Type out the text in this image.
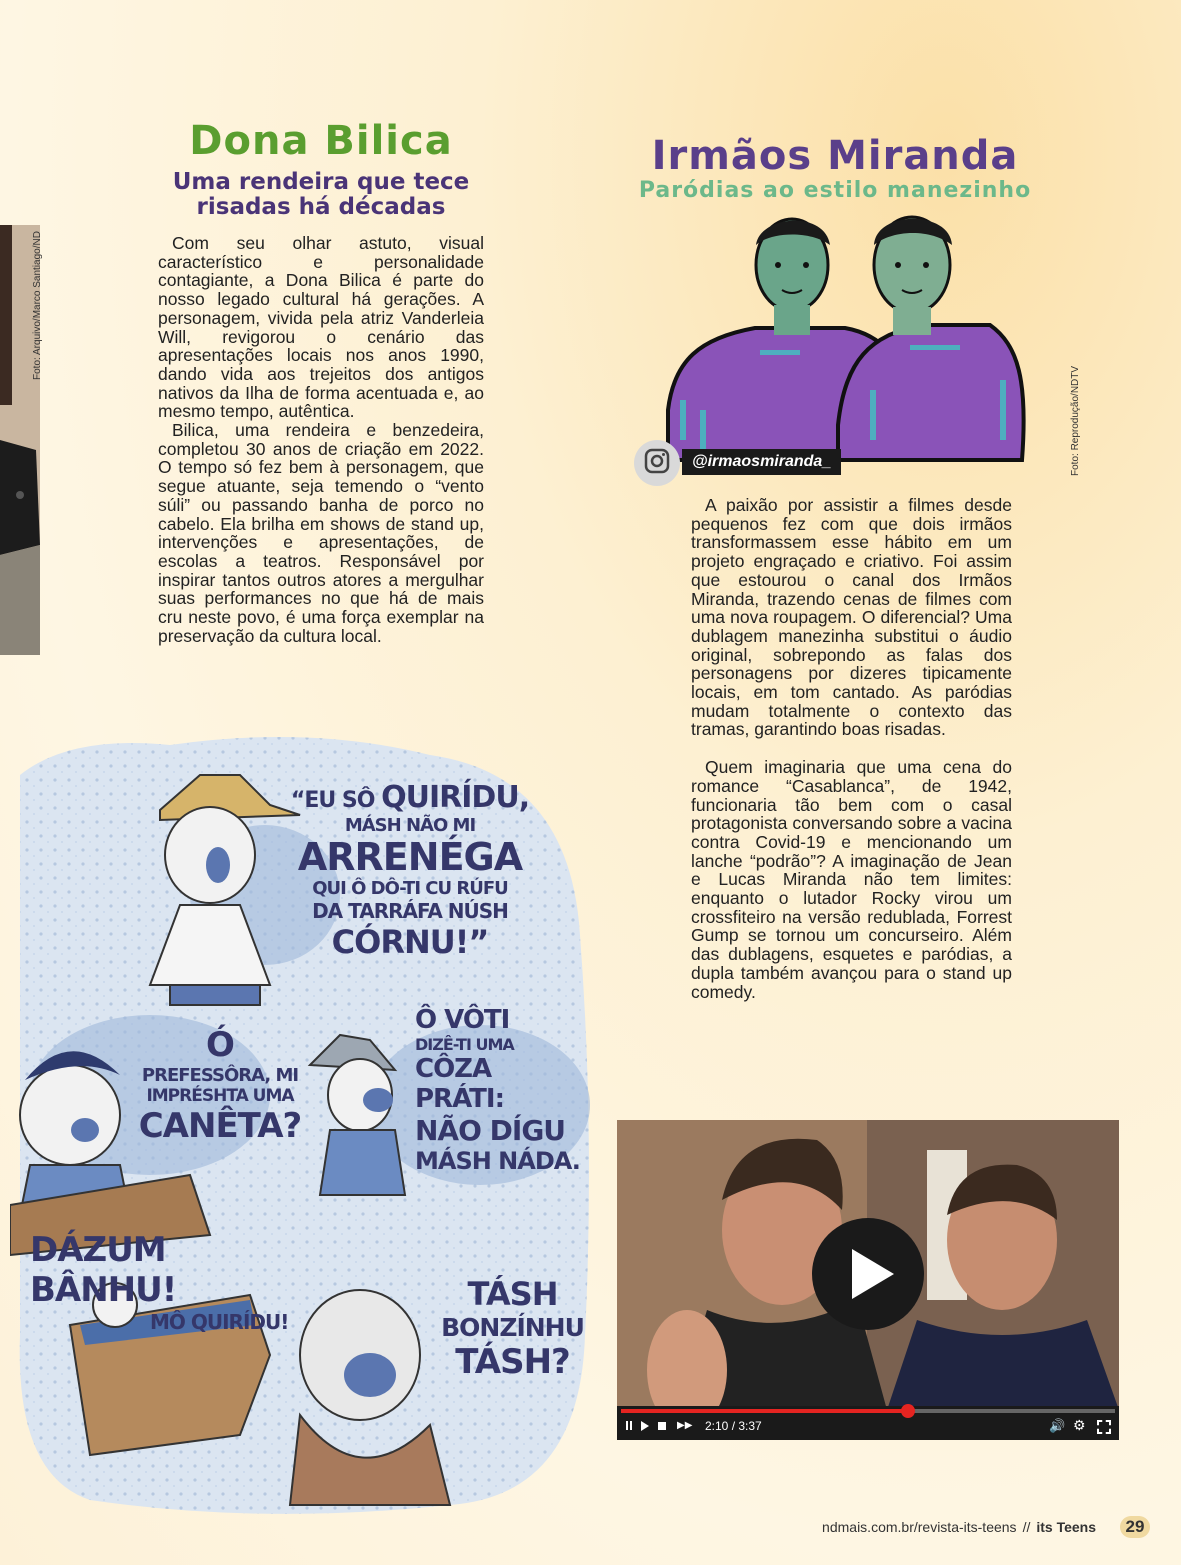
Foto: Arquivo/Marco Santiago/ND
Dona Bilica
Uma rendeira que tece
risadas há décadas

Com seu olhar astuto, visual característico e personalidade contagiante, a Dona Bilica é parte do nosso legado cultural há gerações. A personagem, vivida pela atriz Vanderleia Will, revigorou o cenário das apresentações locais nos anos 1990, dando vida aos trejeitos dos antigos nativos da Ilha de forma acentuada e, ao mesmo tempo, autêntica.

Bilica, uma rendeira e benzedeira, completou 30 anos de criação em 2022. O tempo só fez bem à personagem, que segue atuante, seja temendo o “vento súli” ou passando banha de porco no cabelo. Ela brilha em shows de stand up, intervenções e apresentações, de escolas a teatros. Responsável por inspirar tantos outros atores a mergulhar suas performances no que há de mais cru neste povo, é uma força exemplar na preservação da cultura local.

Irmãos Miranda
Paródias ao estilo manezinho
@irmaosmiranda_	Foto: Reprodução/NDTV

A paixão por assistir a filmes desde pequenos fez com que dois irmãos transformassem esse hábito em um projeto engraçado e criativo. Foi assim que estourou o canal dos Irmãos Miranda, trazendo cenas de filmes com uma nova roupagem. O diferencial? Uma dublagem manezinha substitui o áudio original, sobrepondo as falas dos personagens por dizeres tipicamente locais, em tom cantado. As paródias mudam totalmente o contexto das tramas, garantindo boas risadas.

Quem imaginaria que uma cena do romance “Casablanca”, de 1942, funcionaria tão bem com o casal protagonista conversando sobre a vacina contra Covid-19 e mencionando um lanche “podrão”? A imaginação de Jean e Lucas Miranda não tem limites: enquanto o lutador Rocky virou um crossfiteiro na versão redublada, Forrest Gump se tornou um concurseiro. Além das dublagens, esquetes e paródias, a dupla também avançou para o stand up comedy.

“EU SÔ QUIRÍDU,
MÁSH NÃO MI
ARRENÉGA
QUI Ô DÔ-TI CU RÚFU
DA TARRÁFA NÚSH
CÓRNU!”
Ó
PREFESSÔRA, MI
IMPRÉSHTA UMA
CANÊTA?
Ô VÔTI
DIZÊ-TI UMA
CÔZA PRÁTI:
NÃO DÍGU
MÁSH NÁDA.
DÁZUM BÂNHU!
MÔ QUIRÍDU!
TÁSH
BONZÍNHU
TÁSH?
▶▶ 2:10 / 3:37	🔊 ⚙
ndmais.com.br/revista-its-teens // its Teens 29
